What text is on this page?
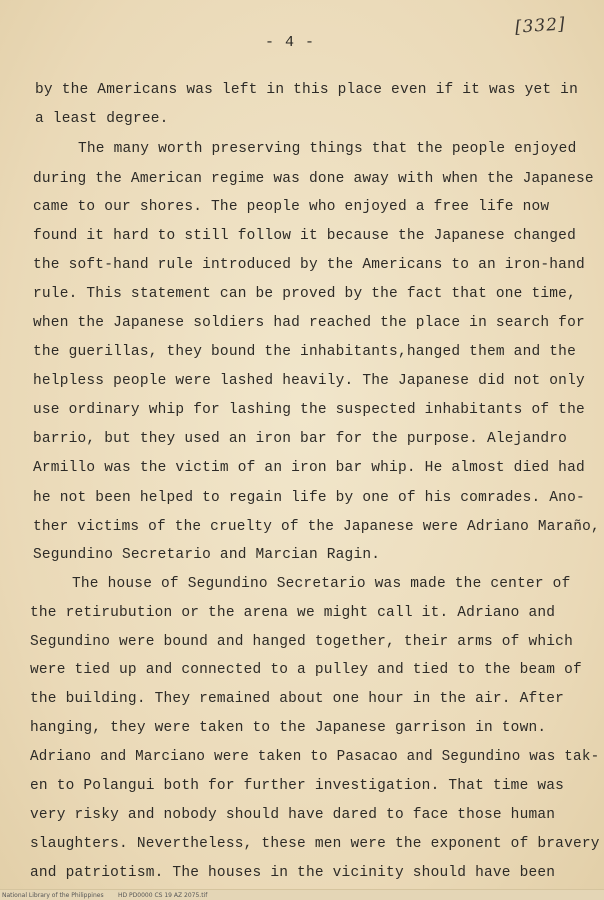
- 4 -
[332]
by the Americans was left in this place even if it was yet in
a least degree.
The many worth preserving things that the people enjoyed
during the American regime was done away with when the Japanese
came to our shores. The people who enjoyed a free life now
found it hard to still follow it because the Japanese changed
the soft-hand rule introduced by the Americans to an iron-hand
rule. This statement can be proved by the fact that one time,
when the Japanese soldiers had reached the place in search for
the guerillas, they bound the inhabitants,hanged them and the
helpless people were lashed heavily. The Japanese did not only
use ordinary whip for lashing the suspected inhabitants of the
barrio, but they used an iron bar for the purpose. Alejandro
Armillo was the victim of an iron bar whip. He almost died had
he not been helped to regain life by one of his comrades. Ano-
ther victims of the cruelty of the Japanese were Adriano Maraño,
Segundino Secretario and Marcian Ragin.
The house of Segundino Secretario was made the center of
the retirubution or the arena we might call it. Adriano and
Segundino were bound and hanged together, their arms of which
were tied up and connected to a pulley and tied to the beam of
the building. They remained about one hour in the air. After
hanging, they were taken to the Japanese garrison in town.
Adriano and Marciano were taken to Pasacao and Segundino was tak-
en to Polangui both for further investigation. That time was
very risky and nobody should have dared to face those human
slaughters. Nevertheless, these men were the exponent of bravery
and patriotism. The houses in the vicinity should have been
National Library of the Philippines HD PD0000 CS 19 AZ 2075.tif
